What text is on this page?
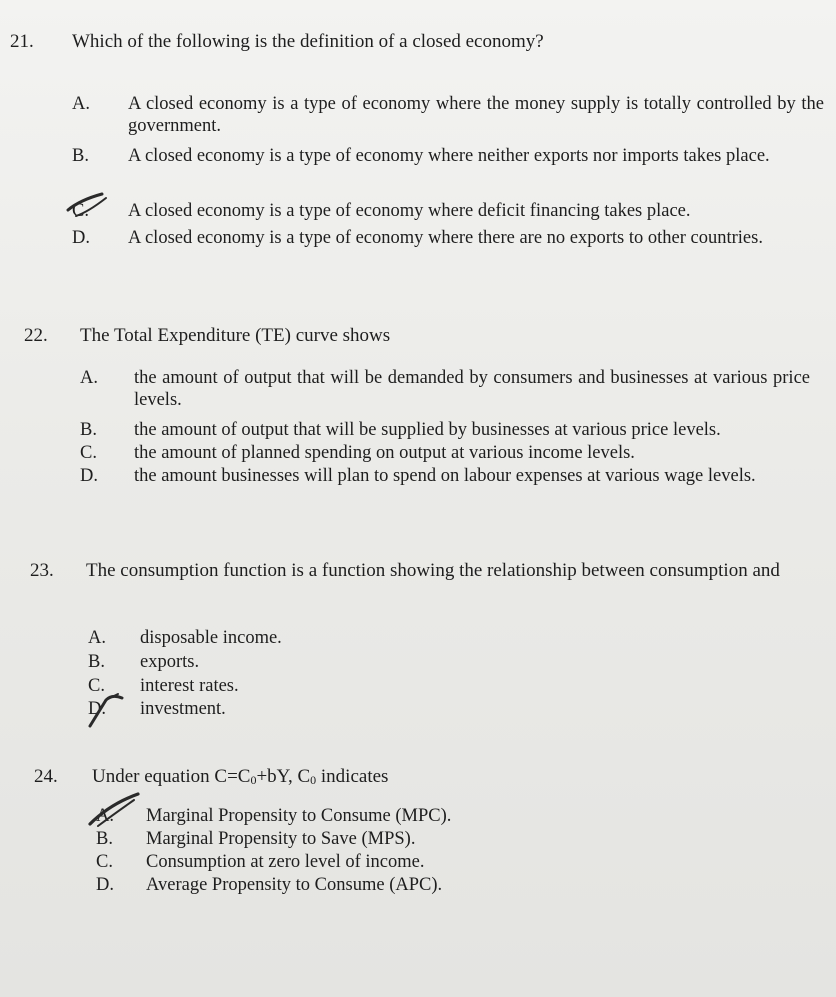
21. Which of the following is the definition of a closed economy?
A. A closed economy is a type of economy where the money supply is totally controlled by the government.
B. A closed economy is a type of economy where neither exports nor imports takes place.
C. A closed economy is a type of economy where deficit financing takes place.
D. A closed economy is a type of economy where there are no exports to other countries.
22. The Total Expenditure (TE) curve shows
A. the amount of output that will be demanded by consumers and businesses at various price levels.
B. the amount of output that will be supplied by businesses at various price levels.
C. the amount of planned spending on output at various income levels.
D. the amount businesses will plan to spend on labour expenses at various wage levels.
23. The consumption function is a function showing the relationship between consumption and
A. disposable income.
B. exports.
C. interest rates.
D. investment.
24. Under equation $C=C_0+bY$, $C_0$ indicates
A. Marginal Propensity to Consume (MPC).
B. Marginal Propensity to Save (MPS).
C. Consumption at zero level of income.
D. Average Propensity to Consume (APC).
